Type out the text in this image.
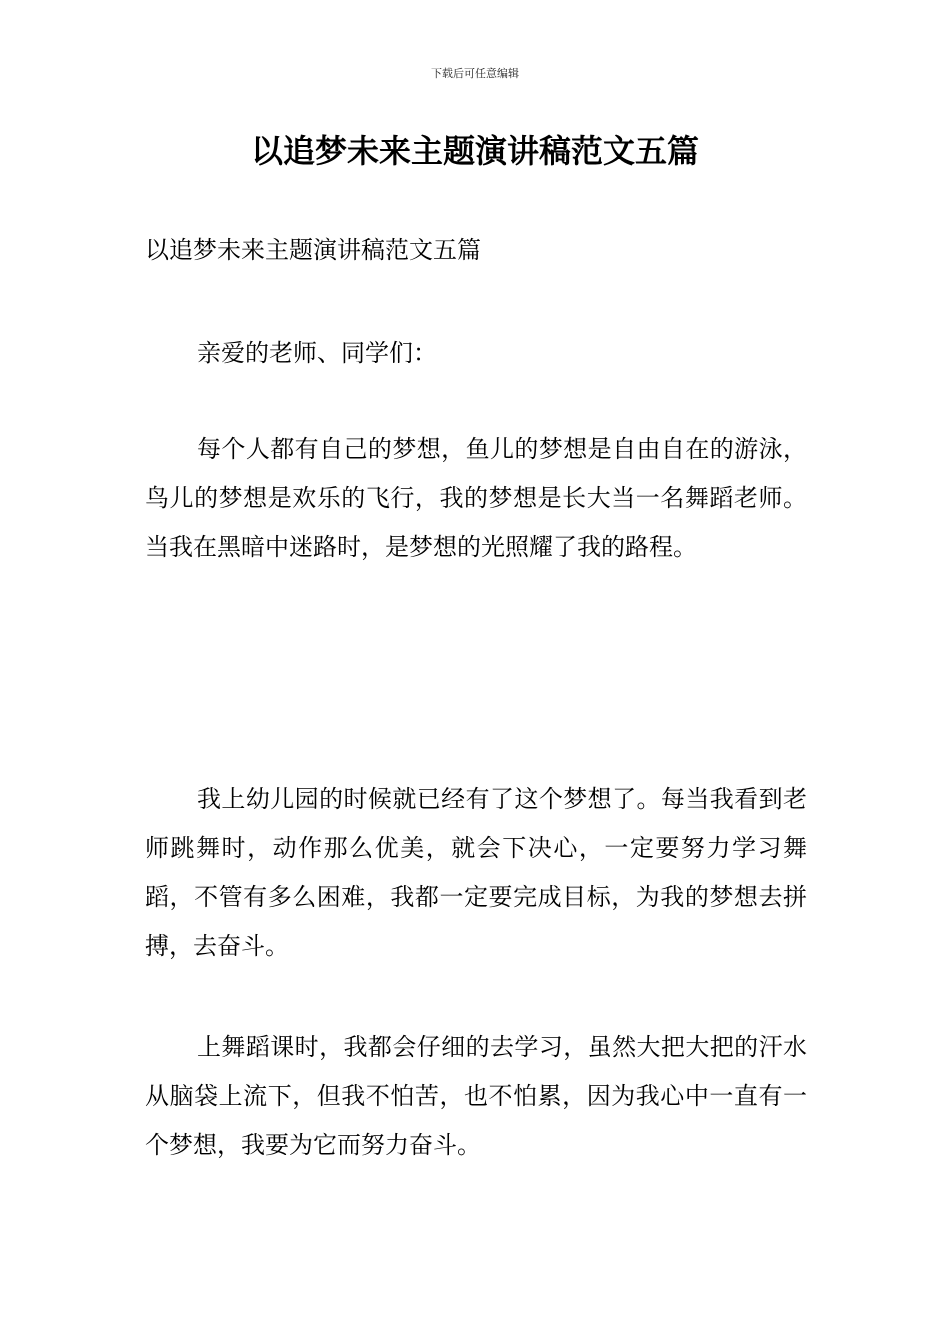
下载后可任意编辑
以追梦未来主题演讲稿范文五篇

以追梦未来主题演讲稿范文五篇

亲爱的老师、同学们：

每个人都有自己的梦想，鱼儿的梦想是自由自在的游泳，鸟儿的梦想是欢乐的飞行，我的梦想是长大当一名舞蹈老师。当我在黑暗中迷路时，是梦想的光照耀了我的路程。

我上幼儿园的时候就已经有了这个梦想了。每当我看到老师跳舞时，动作那么优美，就会下决心，一定要努力学习舞蹈，不管有多么困难，我都一定要完成目标，为我的梦想去拼搏，去奋斗。

上舞蹈课时，我都会仔细的去学习，虽然大把大把的汗水从脑袋上流下，但我不怕苦，也不怕累，因为我心中一直有一个梦想，我要为它而努力奋斗。
